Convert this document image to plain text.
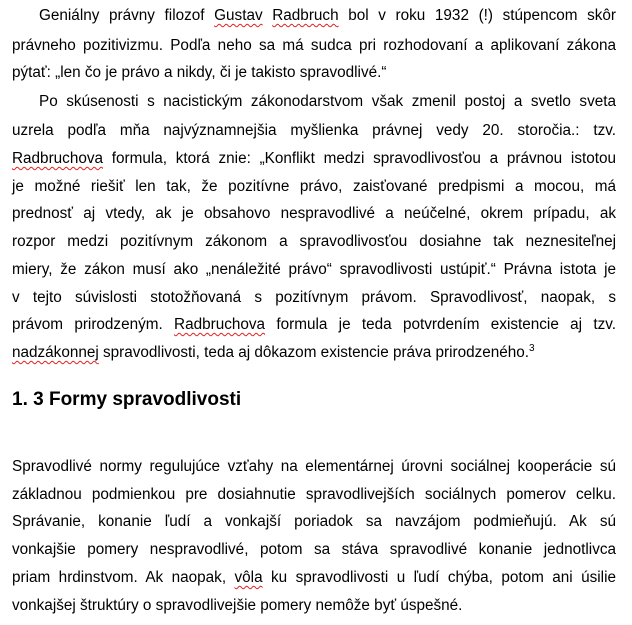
Geniálny právny filozof Gustav Radbruch bol v roku 1932 (!) stúpencom skôr
právneho pozitivizmu. Podľa neho sa má sudca pri rozhodovaní a aplikovaní zákona
pýtať: „len čo je právo a nikdy, či je takisto spravodlivé.“
Po skúsenosti s nacistickým zákonodarstvom však zmenil postoj a svetlo sveta
uzrela podľa mňa najvýznamnejšia myšlienka právnej vedy 20. storočia.: tzv.
Radbruchova formula, ktorá znie: „Konflikt medzi spravodlivosťou a právnou istotou
je možné riešiť len tak, že pozitívne právo, zaisťované predpismi a mocou, má
prednosť aj vtedy, ak je obsahovo nespravodlivé a neúčelné, okrem prípadu, ak
rozpor medzi pozitívnym zákonom a spravodlivosťou dosiahne tak neznesiteľnej
miery, že zákon musí ako „nenáležité právo“ spravodlivosti ustúpiť.“ Právna istota je
v tejto súvislosti stotožňovaná s pozitívnym právom. Spravodlivosť, naopak, s
právom prirodzeným. Radbruchova formula je teda potvrdením existencie aj tzv.
nadzákonnej spravodlivosti, teda aj dôkazom existencie práva prirodzeného.$^3$
1. 3 Formy spravodlivosti
Spravodlivé normy regulujúce vzťahy na elementárnej úrovni sociálnej kooperácie sú
základnou podmienkou pre dosiahnutie spravodlivejších sociálnych pomerov celku.
Správanie, konanie ľudí a vonkajší poriadok sa navzájom podmieňujú. Ak sú
vonkajšie pomery nespravodlivé, potom sa stáva spravodlivé konanie jednotlivca
priam hrdinstvom. Ak naopak, vôla ku spravodlivosti u ľudí chýba, potom ani úsilie
vonkajšej štruktúry o spravodlivejšie pomery nemôže byť úspešné.
